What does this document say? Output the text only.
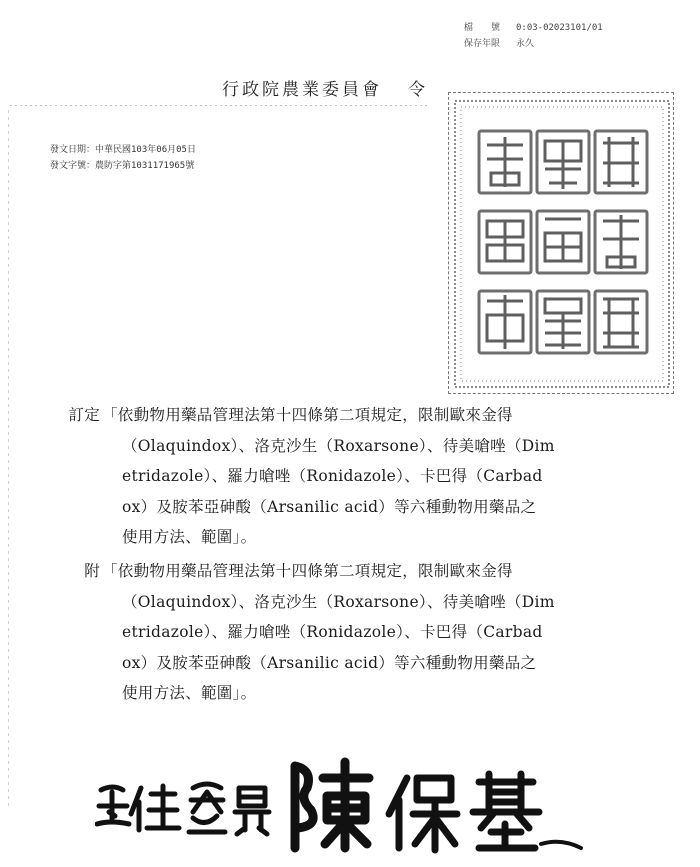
檔　　號 0:03-02023101/01
保存年限 永久
行政院農業委員會 令
發文日期：中華民國103年06月05日
發文字號：農防字第1031171965號
訂定 「依動物用藥品管理法第十四條第二項規定，限制歐來金得
（Olaquindox）、洛克沙生（Roxarsone）、待美嗆唑（Dim
etridazole）、羅力嗆唑（Ronidazole）、卡巴得（Carbad
ox）及胺苯亞砷酸（Arsanilic acid）等六種動物用藥品之
使用方法、範圍」。
附 「依動物用藥品管理法第十四條第二項規定，限制歐來金得
（Olaquindox）、洛克沙生（Roxarsone）、待美嗆唑（Dim
etridazole）、羅力嗆唑（Ronidazole）、卡巴得（Carbad
ox）及胺苯亞砷酸（Arsanilic acid）等六種動物用藥品之
使用方法、範圍」。
